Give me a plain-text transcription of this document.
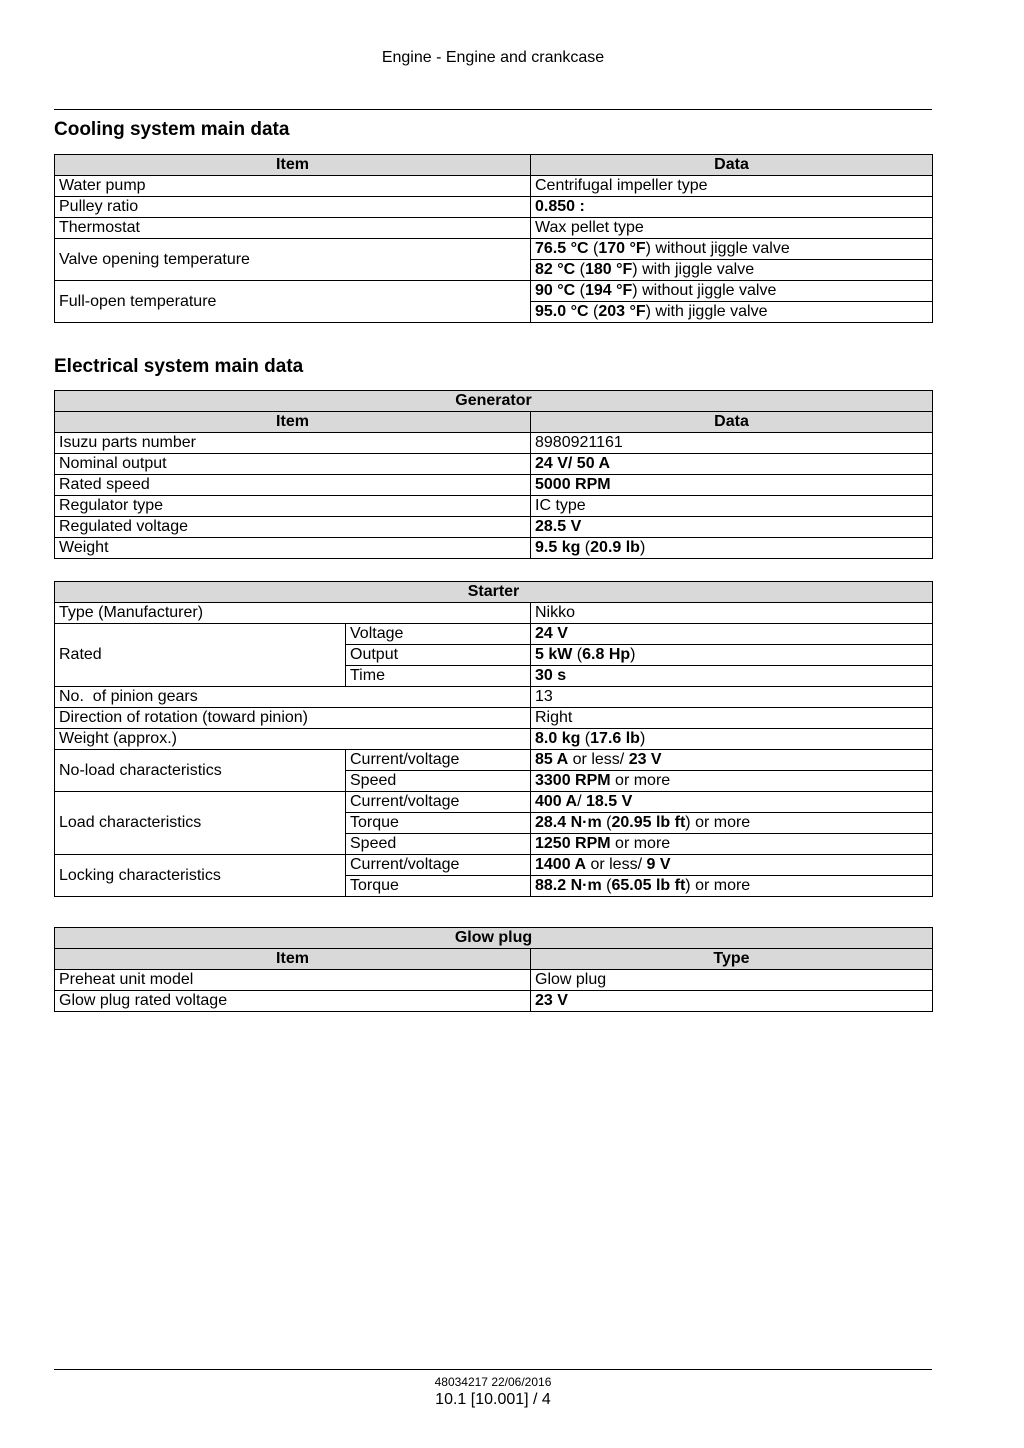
Engine - Engine and crankcase
Cooling system main data
Item	Data
Water pump	Centrifugal impeller type
Pulley ratio	0.850 :
Thermostat	Wax pellet type
Valve opening temperature	76.5 °C (170 °F) without jiggle valve
	82 °C (180 °F) with jiggle valve
Full-open temperature	90 °C (194 °F) without jiggle valve
	95.0 °C (203 °F) with jiggle valve
Electrical system main data
Generator	
Item	Data
Isuzu parts number	8980921161
Nominal output	24 V/ 50 A
Rated speed	5000 RPM
Regulator type	IC type
Regulated voltage	28.5 V
Weight	9.5 kg (20.9 lb)
Starter		
Type (Manufacturer)		Nikko
Rated	Voltage	24 V
	Output	5 kW (6.8 Hp)
	Time	30 s
No.  of pinion gears		13
Direction of rotation (toward pinion)		Right
Weight (approx.)		8.0 kg (17.6 lb)
No-load characteristics	Current/voltage	85 A or less/ 23 V
	Speed	3300 RPM or more
Load characteristics	Current/voltage	400 A/ 18.5 V
	Torque	28.4 N·m (20.95 lb ft) or more
	Speed	1250 RPM or more
Locking characteristics	Current/voltage	1400 A or less/ 9 V
	Torque	88.2 N·m (65.05 lb ft) or more
Glow plug	
Item	Type
Preheat unit model	Glow plug
Glow plug rated voltage	23 V
48034217 22/06/2016
10.1 [10.001] / 4
